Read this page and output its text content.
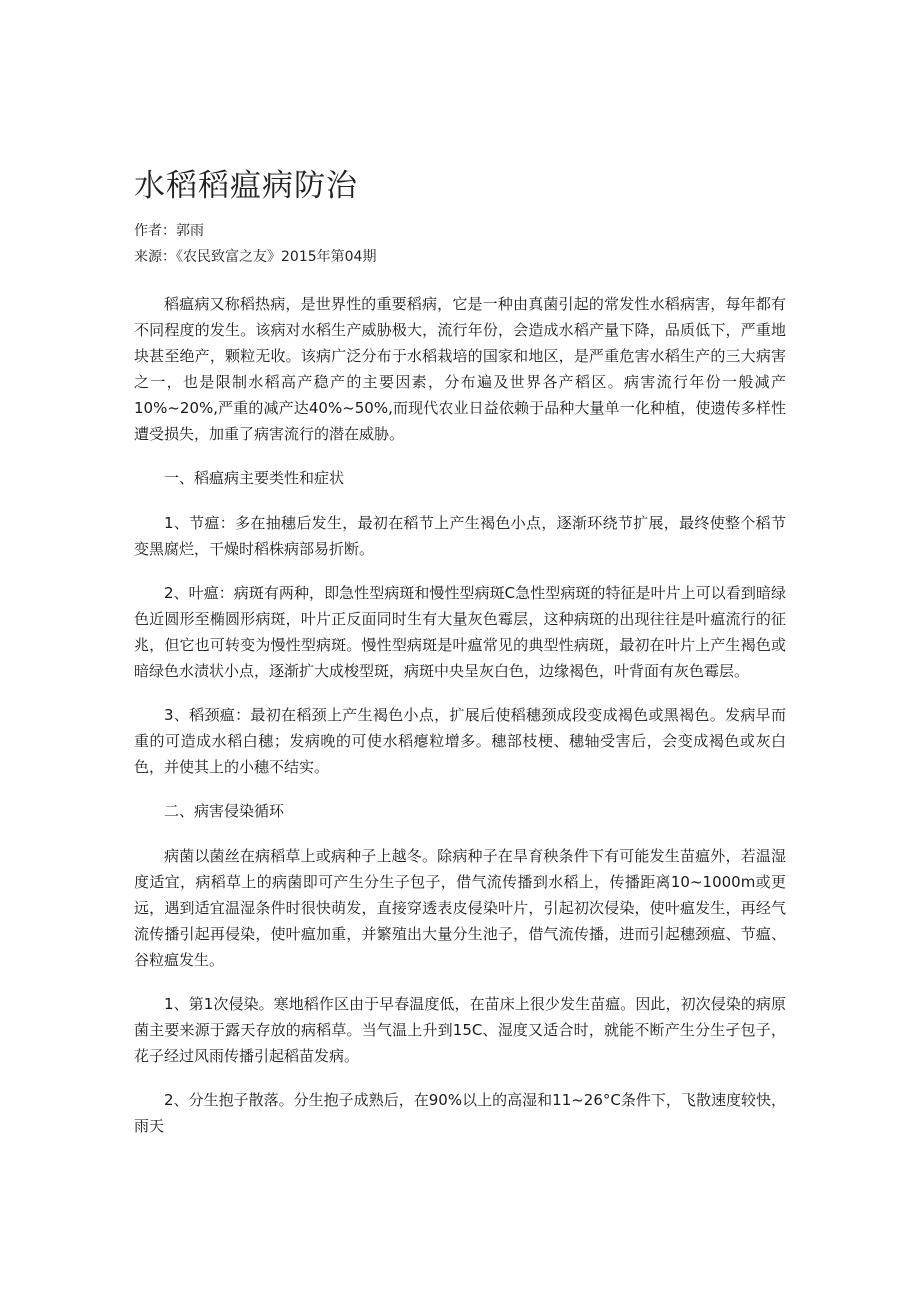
水稻稻瘟病防治
作者：郭雨
来源：《农民致富之友》2015年第04期

稻瘟病又称稻热病，是世界性的重要稻病，它是一种由真菌引起的常发性水稻病害，每年都有不同程度的发生。该病对水稻生产威胁极大，流行年份，会造成水稻产量下降，品质低下，严重地块甚至绝产，颗粒无收。该病广泛分布于水稻栽培的国家和地区，是严重危害水稻生产的三大病害之一，也是限制水稻高产稳产的主要因素，分布遍及世界各产稻区。病害流行年份一般减产10%~20%,严重的减产达40%~50%,而现代农业日益依赖于品种大量单一化种植，使遗传多样性遭受损失，加重了病害流行的潜在威胁。

一、稻瘟病主要类性和症状

1、节瘟：多在抽穗后发生，最初在稻节上产生褐色小点，逐渐环绕节扩展，最终使整个稻节变黑腐烂，干燥时稻株病部易折断。

2、叶瘟：病斑有两种，即急性型病斑和慢性型病斑C急性型病斑的特征是叶片上可以看到暗绿色近圆形至椭圆形病斑，叶片正反面同时生有大量灰色霉层，这种病斑的出现往往是叶瘟流行的征兆，但它也可转变为慢性型病斑。慢性型病斑是叶瘟常见的典型性病斑，最初在叶片上产生褐色或暗绿色水渍状小点，逐渐扩大成梭型斑，病斑中央呈灰白色，边缘褐色，叶背面有灰色霉层。

3、稻颈瘟：最初在稻颈上产生褐色小点，扩展后使稻穗颈成段变成褐色或黑褐色。发病早而重的可造成水稻白穗；发病晚的可使水稻瘪粒增多。穗部枝梗、穗轴受害后，会变成褐色或灰白色，并使其上的小穗不结实。

二、病害侵染循环

病菌以菌丝在病稻草上或病种子上越冬。除病种子在旱育秧条件下有可能发生苗瘟外，若温湿度适宜，病稻草上的病菌即可产生分生子包子，借气流传播到水稻上，传播距离10~1000m或更远，遇到适宜温湿条件时很快萌发，直接穿透表皮侵染叶片，引起初次侵染，使叶瘟发生，再经气流传播引起再侵染，使叶瘟加重，并繁殖出大量分生池子，借气流传播，进而引起穗颈瘟、节瘟、谷粒瘟发生。

1、第1次侵染。寒地稻作区由于早春温度低，在苗床上很少发生苗瘟。因此，初次侵染的病原菌主要来源于露天存放的病稻草。当气温上升到15C、湿度又适合时，就能不断产生分生孑包子，花子经过风雨传播引起稻苗发病。

2、分生抱子散落。分生抱子成熟后，在90%以上的高湿和11~26°C条件下，飞散速度较快，雨天
